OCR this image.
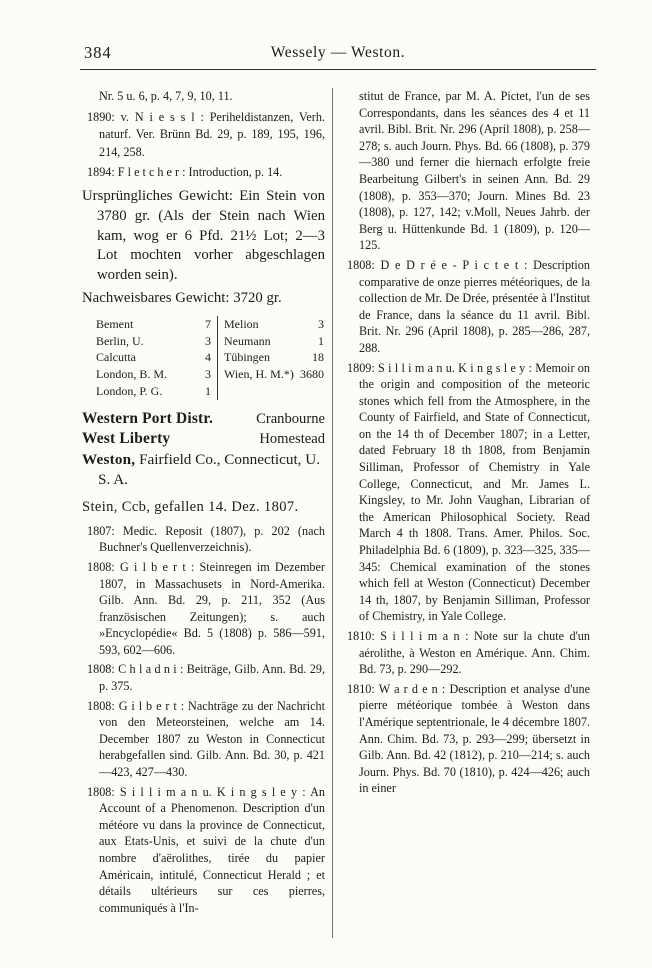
384	Wessely — Weston.

Nr. 5 u. 6, p. 4, 7, 9, 10, 11.

1890: v. N i e s s l : Periheldistanzen, Verh. naturf. Ver. Brünn Bd. 29, p. 189, 195, 196, 214, 258.

1894: F l e t c h e r : Introduction, p. 14.

Ursprüngliches Gewicht: Ein Stein von 3780 gr. (Als der Stein nach Wien kam, wog er 6 Pfd. 21½ Lot; 2—3 Lot mochten vorher abgeschlagen worden sein).

Nachweisbares Gewicht: 3720 gr.

Bement	7 Melion	3
Berlin, U.	3 Neumann	1
Calcutta	4 Tübingen	18
London, B. M.	3 Wien, H. M.*) 3680
London, P. G.	1
Western Port Distr.	Cranbourne
West Liberty	Homestead

Weston, Fairfield Co., Connecticut, U. S. A.

Stein, Ccb, gefallen 14. Dez. 1807.

1807: Medic. Reposit (1807), p. 202 (nach Buchner's Quellenverzeichnis).

1808: G i l b e r t : Steinregen im Dezember 1807, in Massachusets in Nord-Amerika. Gilb. Ann. Bd. 29, p. 211, 352 (Aus französischen Zeitungen); s. auch »Encyclopédie« Bd. 5 (1808) p. 586—591, 593, 602—606.

1808: C h l a d n i : Beiträge, Gilb. Ann. Bd. 29, p. 375.

1808: G i l b e r t : Nachträge zu der Nachricht von den Meteorsteinen, welche am 14. December 1807 zu Weston in Connecticut herabgefallen sind. Gilb. Ann. Bd. 30, p. 421—423, 427—430.

1808: S i l l i m a n u. K i n g s l e y : An Account of a Phenomenon. Description d'un météore vu dans la province de Connecticut, aux Etats-Unis, et suivi de la chute d'un nombre d'aërolithes, tirée du papier Américain, intitulé, Connecticut Herald ; et détails ultérieurs sur ces pierres, communiqués à l'In-

stitut de France, par M. A. Pictet, l'un de ses Correspondants, dans les séances des 4 et 11 avril. Bibl. Brit. Nr. 296 (April 1808), p. 258—278; s. auch Journ. Phys. Bd. 66 (1808), p. 379—380 und ferner die hiernach erfolgte freie Bearbeitung Gilbert's in seinen Ann. Bd. 29 (1808), p. 353—370; Journ. Mines Bd. 23 (1808), p. 127, 142; v.Moll, Neues Jahrb. der Berg u. Hüttenkunde Bd. 1 (1809), p. 120—125.

1808: D e D r é e - P i c t e t : Description comparative de onze pierres météoriques, de la collection de Mr. De Drée, présentée à l'Institut de France, dans la séance du 11 avril. Bibl. Brit. Nr. 296 (April 1808), p. 285—286, 287, 288.

1809: S i l l i m a n u. K i n g s l e y : Memoir on the origin and composition of the meteoric stones which fell from the Atmosphere, in the County of Fairfield, and State of Connecticut, on the 14 th of December 1807; in a Letter, dated February 18 th 1808, from Benjamin Silliman, Professor of Chemistry in Yale College, Connecticut, and Mr. James L. Kingsley, to Mr. John Vaughan, Librarian of the American Philosophical Society. Read March 4 th 1808. Trans. Amer. Philos. Soc. Philadelphia Bd. 6 (1809), p. 323—325, 335—345: Chemical examination of the stones which fell at Weston (Connecticut) December 14 th, 1807, by Benjamin Silliman, Professor of Chemistry, in Yale College.

1810: S i l l i m a n : Note sur la chute d'un aérolithe, à Weston en Amérique. Ann. Chim. Bd. 73, p. 290—292.

1810: W a r d e n : Description et analyse d'une pierre météorique tombée à Weston dans l'Amérique septentrionale, le 4 décembre 1807. Ann. Chim. Bd. 73, p. 293—299; übersetzt in Gilb. Ann. Bd. 42 (1812), p. 210—214; s. auch Journ. Phys. Bd. 70 (1810), p. 424—426; auch in einer
